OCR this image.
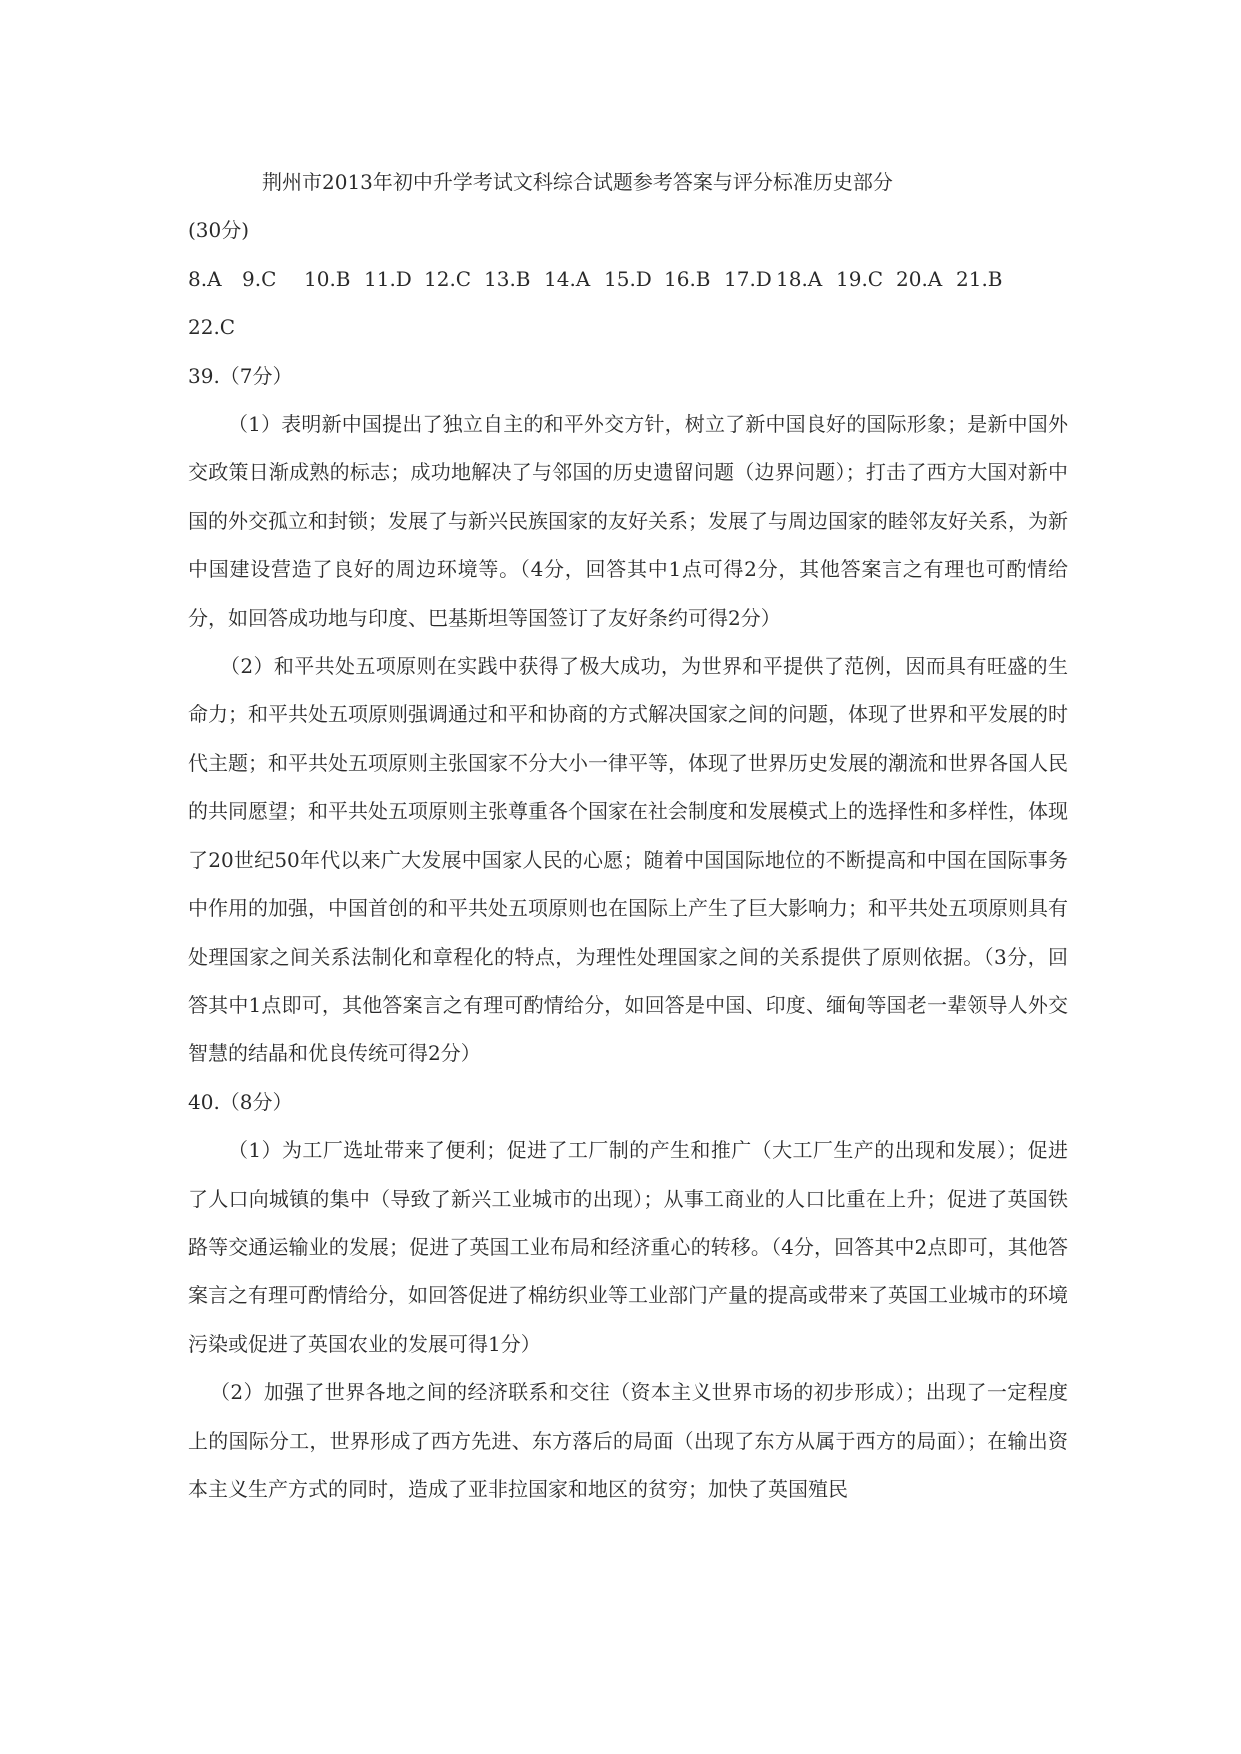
荆州市2013年初中升学考试文科综合试题参考答案与评分标准历史部分
(30分)
8.A	9.C	10.B 11.D 12.C 13.B 14.A 15.D 16.B 17.D 18.A 19.C 20.A 21.B
22.C
39.（7分）
（1）表明新中国提出了独立自主的和平外交方针，树立了新中国良好的国际形象；是新中国外交政策日渐成熟的标志；成功地解决了与邻国的历史遗留问题（边界问题）；打击了西方大国对新中国的外交孤立和封锁；发展了与新兴民族国家的友好关系；发展了与周边国家的睦邻友好关系，为新中国建设营造了良好的周边环境等。（4分，回答其中1点可得2分，其他答案言之有理也可酌情给分，如回答成功地与印度、巴基斯坦等国签订了友好条约可得2分）
（2）和平共处五项原则在实践中获得了极大成功，为世界和平提供了范例，因而具有旺盛的生命力；和平共处五项原则强调通过和平和协商的方式解决国家之间的问题，体现了世界和平发展的时代主题；和平共处五项原则主张国家不分大小一律平等，体现了世界历史发展的潮流和世界各国人民的共同愿望；和平共处五项原则主张尊重各个国家在社会制度和发展模式上的选择性和多样性，体现了20世纪50年代以来广大发展中国家人民的心愿；随着中国国际地位的不断提高和中国在国际事务中作用的加强，中国首创的和平共处五项原则也在国际上产生了巨大影响力；和平共处五项原则具有处理国家之间关系法制化和章程化的特点，为理性处理国家之间的关系提供了原则依据。（3分，回答其中1点即可，其他答案言之有理可酌情给分，如回答是中国、印度、缅甸等国老一辈领导人外交智慧的结晶和优良传统可得2分）
40.（8分）
（1）为工厂选址带来了便利；促进了工厂制的产生和推广（大工厂生产的出现和发展）；促进了人口向城镇的集中（导致了新兴工业城市的出现）；从事工商业的人口比重在上升；促进了英国铁路等交通运输业的发展；促进了英国工业布局和经济重心的转移。（4分，回答其中2点即可，其他答案言之有理可酌情给分，如回答促进了棉纺织业等工业部门产量的提高或带来了英国工业城市的环境污染或促进了英国农业的发展可得1分）
（2）加强了世界各地之间的经济联系和交往（资本主义世界市场的初步形成）；出现了一定程度上的国际分工，世界形成了西方先进、东方落后的局面（出现了东方从属于西方的局面）；在输出资本主义生产方式的同时，造成了亚非拉国家和地区的贫穷；加快了英国殖民
